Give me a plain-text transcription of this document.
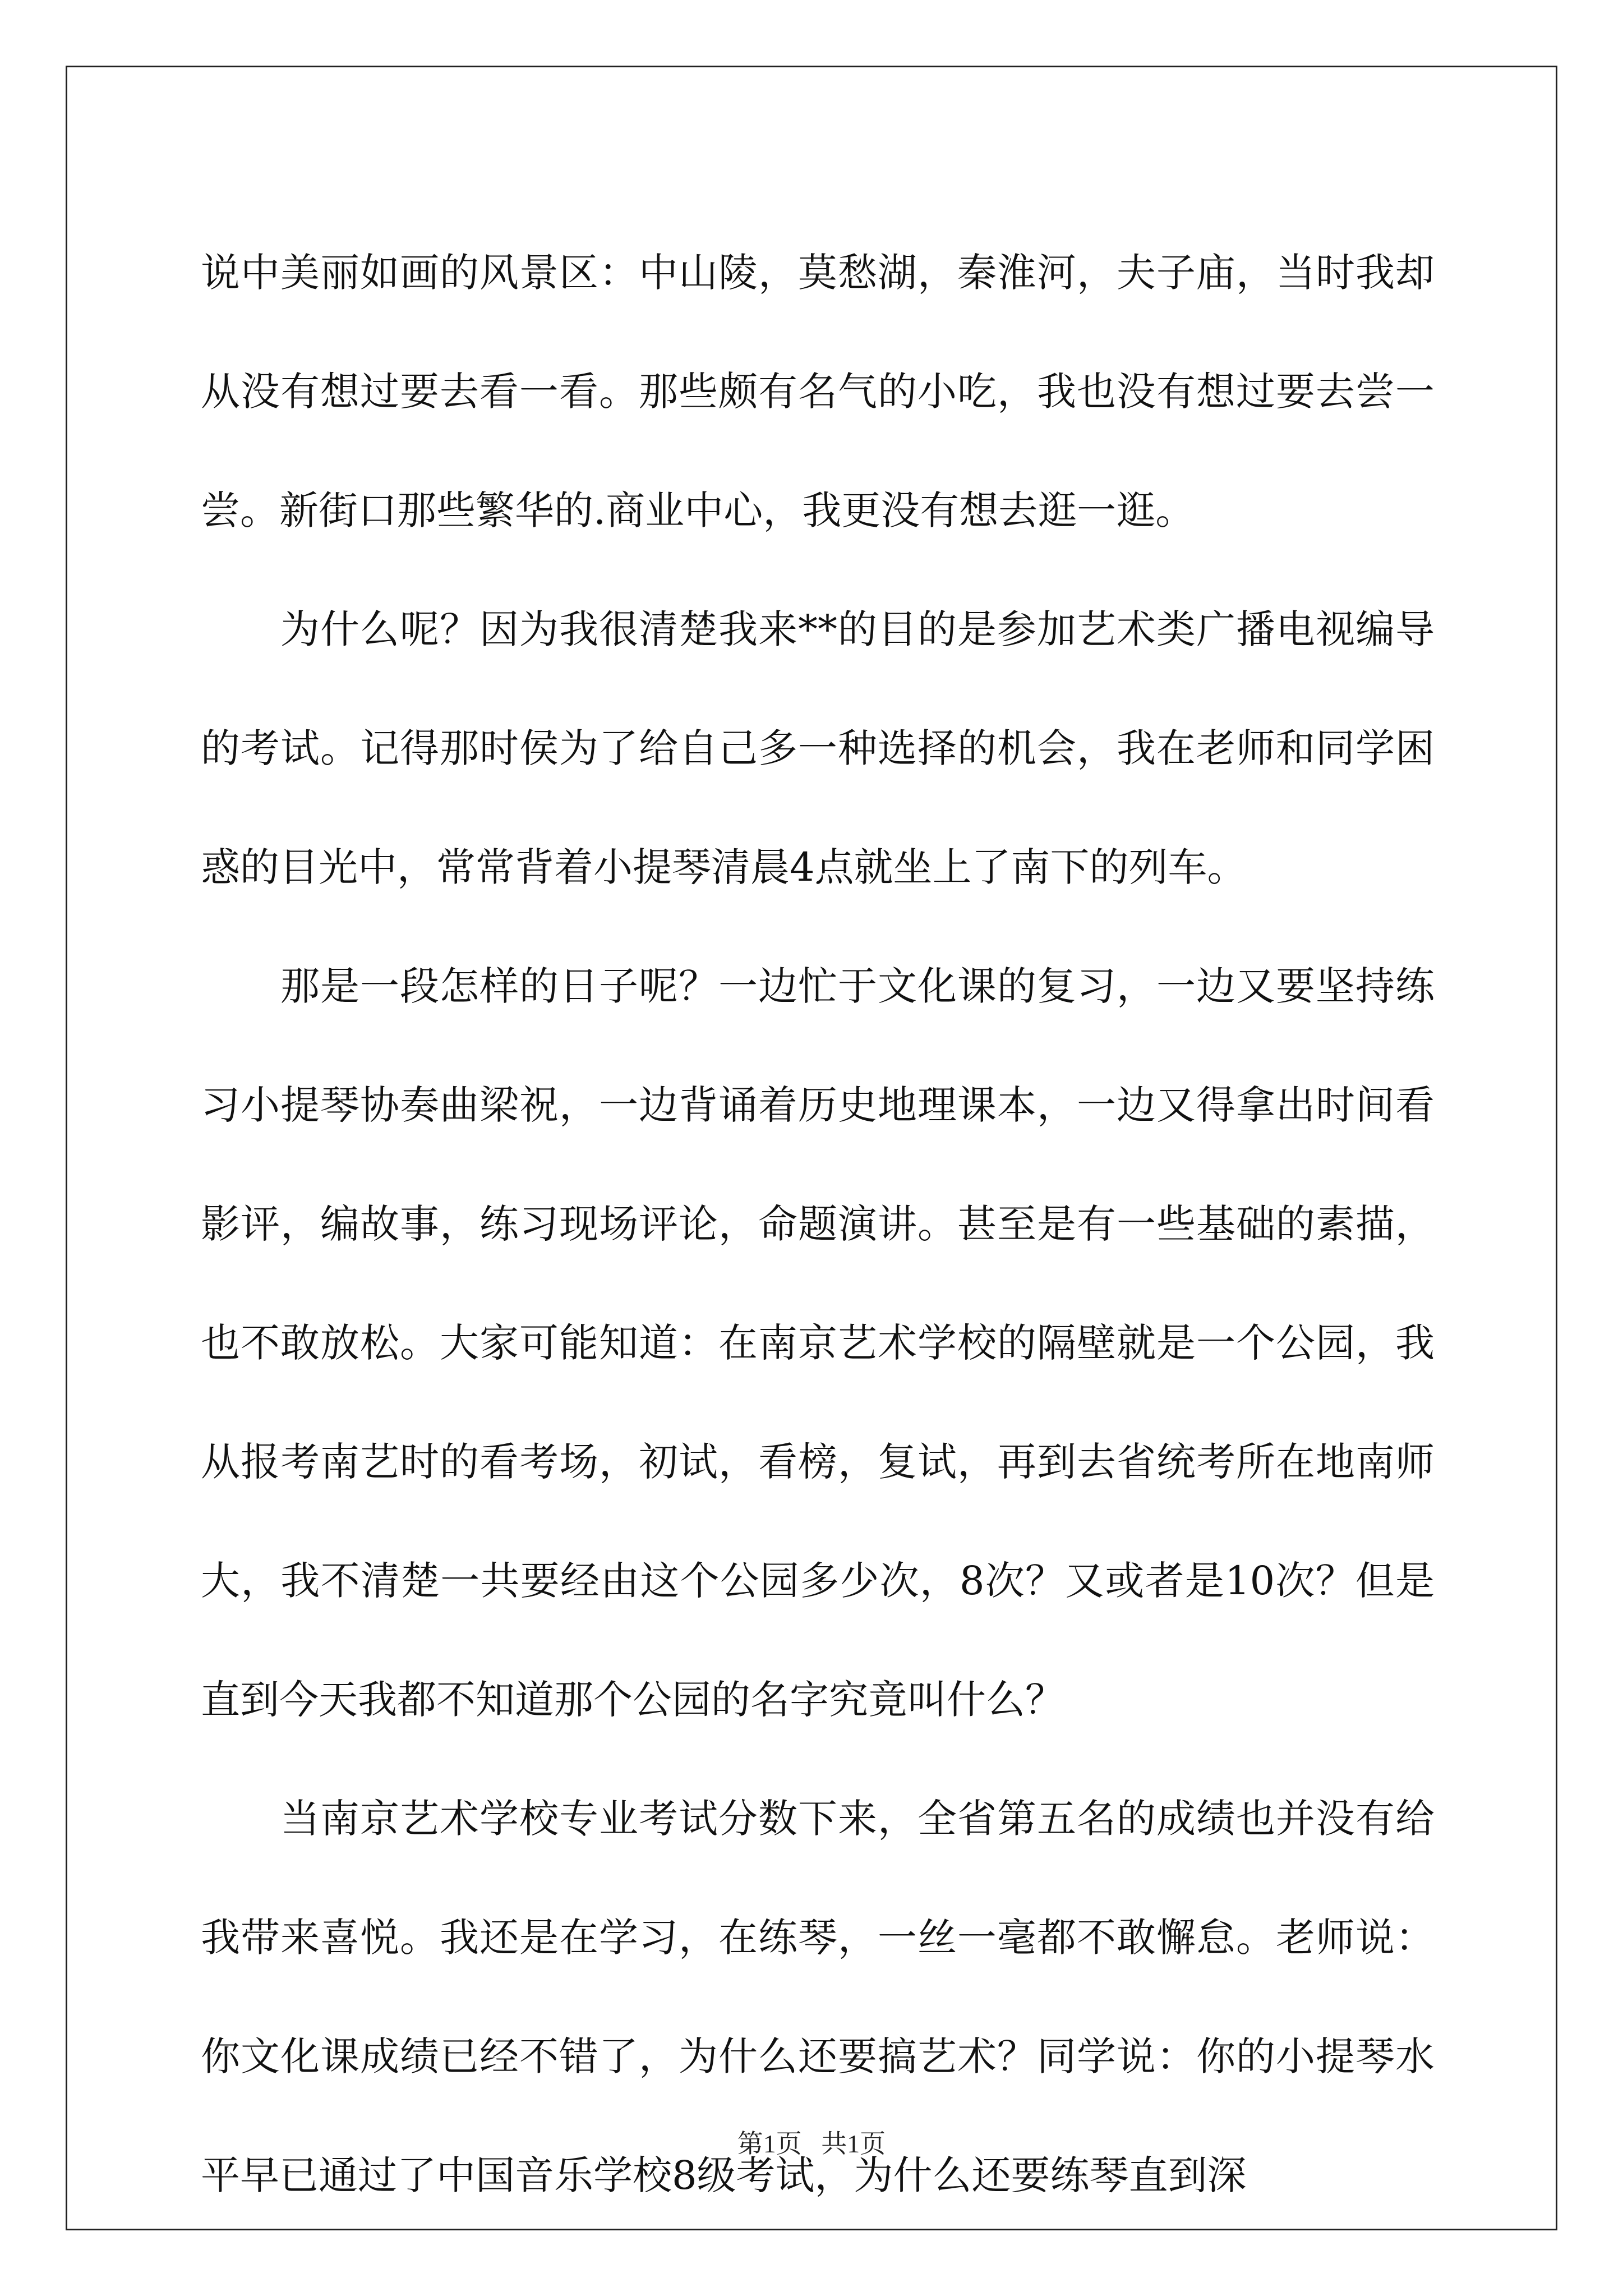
说中美丽如画的风景区：中山陵，莫愁湖，秦淮河，夫子庙，当时我却从没有想过要去看一看。那些颇有名气的小吃，我也没有想过要去尝一尝。新街口那些繁华的.商业中心，我更没有想去逛一逛。

　　为什么呢？因为我很清楚我来**的目的是参加艺术类广播电视编导的考试。记得那时侯为了给自己多一种选择的机会，我在老师和同学困惑的目光中，常常背着小提琴清晨4点就坐上了南下的列车。

　　那是一段怎样的日子呢？一边忙于文化课的复习，一边又要坚持练习小提琴协奏曲梁祝，一边背诵着历史地理课本，一边又得拿出时间看影评，编故事，练习现场评论，命题演讲。甚至是有一些基础的素描，也不敢放松。大家可能知道：在南京艺术学校的隔壁就是一个公园，我从报考南艺时的看考场，初试，看榜，复试，再到去省统考所在地南师大，我不清楚一共要经由这个公园多少次，8次？又或者是10次？但是直到今天我都不知道那个公园的名字究竟叫什么？

　　当南京艺术学校专业考试分数下来，全省第五名的成绩也并没有给我带来喜悦。我还是在学习，在练琴，一丝一毫都不敢懈怠。老师说：你文化课成绩已经不错了，为什么还要搞艺术？同学说：你的小提琴水平早已通过了中国音乐学校8级考试，为什么还要练琴直到深

第1页 共1页
